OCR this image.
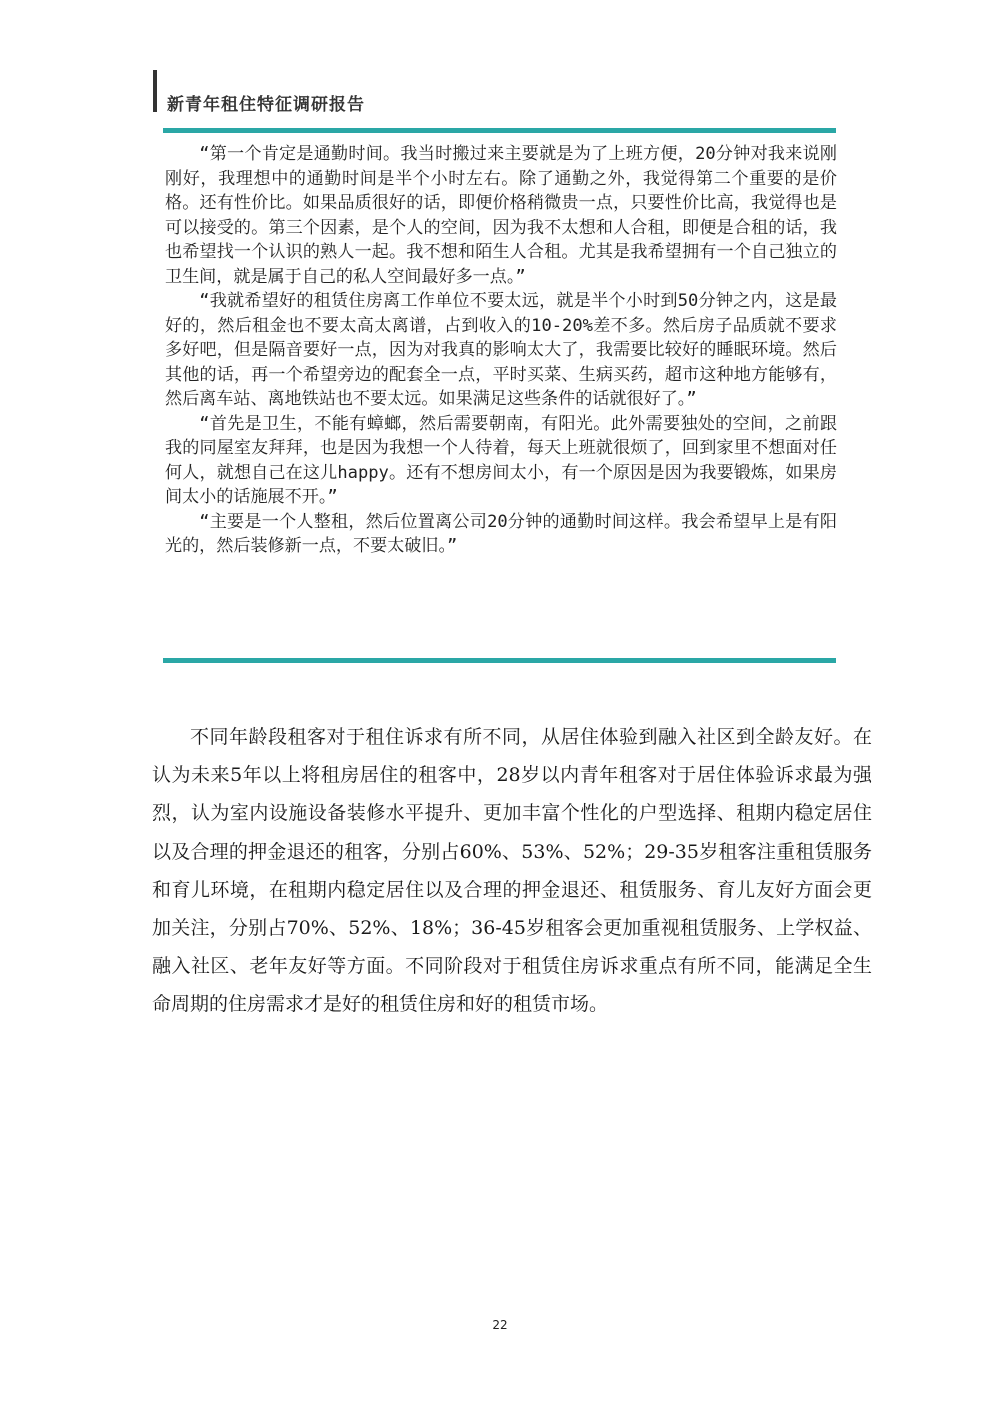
新青年租住特征调研报告

“第一个肯定是通勤时间。我当时搬过来主要就是为了上班方便，20分钟对我来说刚刚好，我理想中的通勤时间是半个小时左右。除了通勤之外，我觉得第二个重要的是价格。还有性价比。如果品质很好的话，即便价格稍微贵一点，只要性价比高，我觉得也是可以接受的。第三个因素，是个人的空间，因为我不太想和人合租，即便是合租的话，我也希望找一个认识的熟人一起。我不想和陌生人合租。尤其是我希望拥有一个自己独立的卫生间，就是属于自己的私人空间最好多一点。”

“我就希望好的租赁住房离工作单位不要太远，就是半个小时到50分钟之内，这是最好的，然后租金也不要太高太离谱，占到收入的10-20%差不多。然后房子品质就不要求多好吧，但是隔音要好一点，因为对我真的影响太大了，我需要比较好的睡眠环境。然后其他的话，再一个希望旁边的配套全一点，平时买菜、生病买药，超市这种地方能够有，然后离车站、离地铁站也不要太远。如果满足这些条件的话就很好了。”

“首先是卫生，不能有蟑螂，然后需要朝南，有阳光。此外需要独处的空间，之前跟我的同屋室友拜拜，也是因为我想一个人待着，每天上班就很烦了，回到家里不想面对任何人，就想自己在这儿happy。还有不想房间太小，有一个原因是因为我要锻炼，如果房间太小的话施展不开。”

“主要是一个人整租，然后位置离公司20分钟的通勤时间这样。我会希望早上是有阳光的，然后装修新一点，不要太破旧。”

不同年龄段租客对于租住诉求有所不同，从居住体验到融入社区到全龄友好。在认为未来5年以上将租房居住的租客中，28岁以内青年租客对于居住体验诉求最为强烈，认为室内设施设备装修水平提升、更加丰富个性化的户型选择、租期内稳定居住以及合理的押金退还的租客，分别占60%、53%、52%；29-35岁租客注重租赁服务和育儿环境，在租期内稳定居住以及合理的押金退还、租赁服务、育儿友好方面会更加关注，分别占70%、52%、18%；36-45岁租客会更加重视租赁服务、上学权益、融入社区、老年友好等方面。不同阶段对于租赁住房诉求重点有所不同，能满足全生命周期的住房需求才是好的租赁住房和好的租赁市场。

22
